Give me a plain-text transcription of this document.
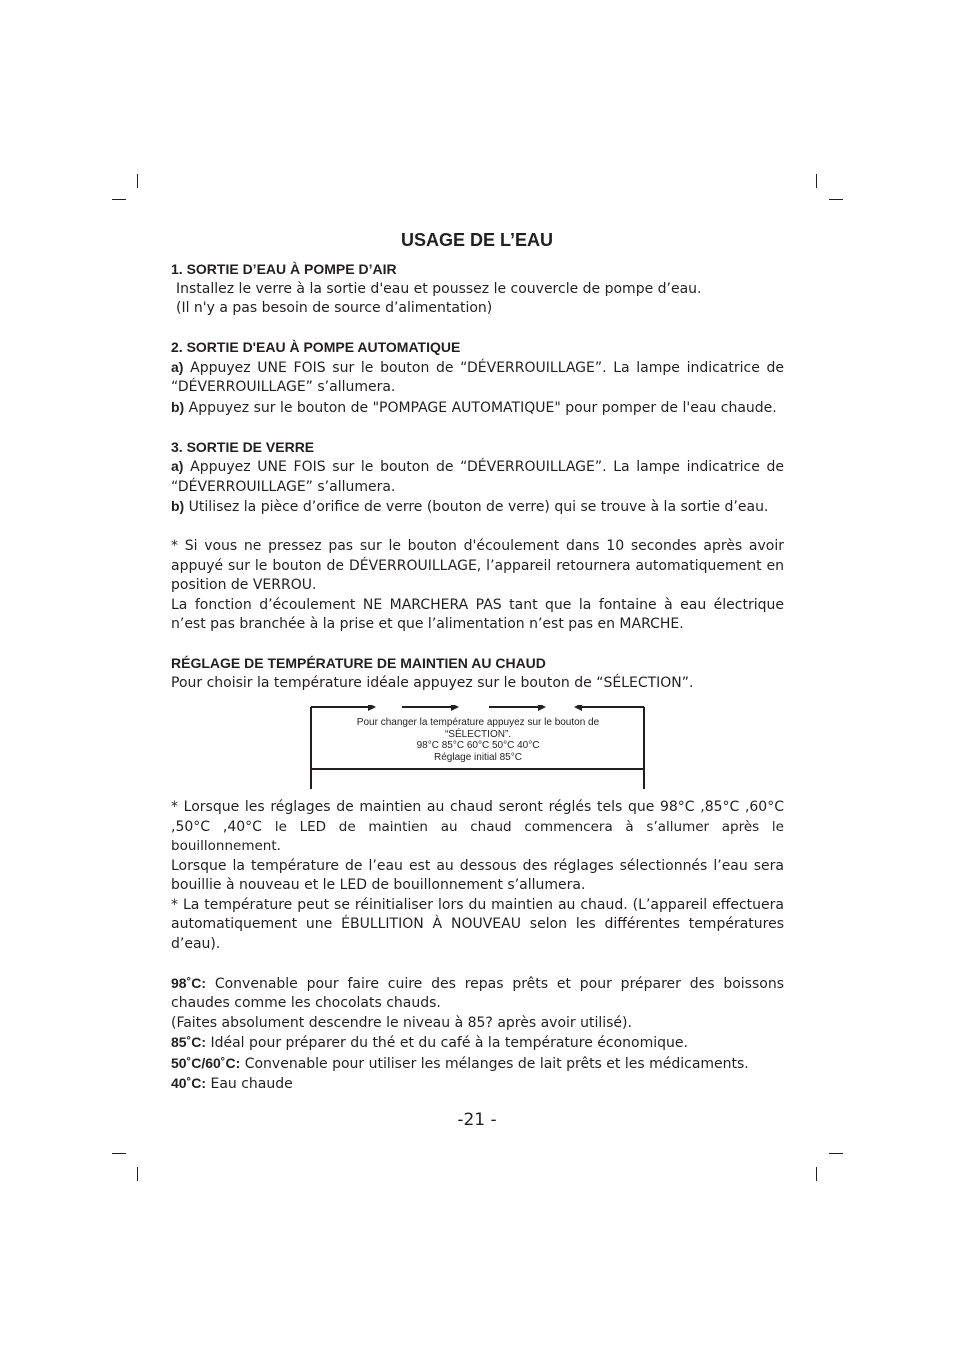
USAGE DE L’EAU

1. SORTIE D’EAU À POMPE D’AIR

Installez le verre à la sortie d'eau et poussez le couvercle de pompe d’eau.

(Il n'y a pas besoin de source d’alimentation)

2. SORTIE D'EAU À POMPE AUTOMATIQUE

a) Appuyez UNE FOIS sur le bouton de “DÉVERROUILLAGE”. La lampe indicatrice de “DÉVERROUILLAGE” s’allumera.

b) Appuyez sur le bouton de "POMPAGE AUTOMATIQUE" pour pomper de l'eau chaude.

3. SORTIE DE VERRE

a) Appuyez UNE FOIS sur le bouton de “DÉVERROUILLAGE”. La lampe indicatrice de “DÉVERROUILLAGE” s’allumera.

b) Utilisez la pièce d’orifice de verre (bouton de verre) qui se trouve à la sortie d’eau.

* Si vous ne pressez pas sur le bouton d'écoulement dans 10 secondes après avoir appuyé sur le bouton de DÉVERROUILLAGE, l’appareil retournera automatiquement en position de VERROU.

La fonction d’écoulement NE MARCHERA PAS tant que la fontaine à eau électrique n’est pas branchée à la prise et que l’alimentation n’est pas en MARCHE.

RÉGLAGE DE TEMPÉRATURE DE MAINTIEN AU CHAUD

Pour choisir la température idéale appuyez sur le bouton de “SÉLECTION”.

* Lorsque les réglages de maintien au chaud seront réglés tels que 98°C ,85°C ,60°C ,50°C ,40°C le LED de maintien au chaud commencera à s’allumer après le bouillonnement.

Lorsque la température de l’eau est au dessous des réglages sélectionnés l’eau sera bouillie à nouveau et le LED de bouillonnement s’allumera.

* La température peut se réinitialiser lors du maintien au chaud. (L’appareil effectuera automatiquement une ÉBULLITION À NOUVEAU selon les différentes températures d’eau).

98˚C: Convenable pour faire cuire des repas prêts et pour préparer des boissons chaudes comme les chocolats chauds.

(Faites absolument descendre le niveau à 85? après avoir utilisé).

85˚C: Idéal pour préparer du thé et du café à la température économique.

50˚C/60˚C: Convenable pour utiliser les mélanges de lait prêts et les médicaments.

40˚C: Eau chaude

Pour changer la température appuyez sur le bouton de
“SÉLECTION”.
98°C 85°C 60°C 50°C 40°C
Réglage initial 85°C
-21 -
